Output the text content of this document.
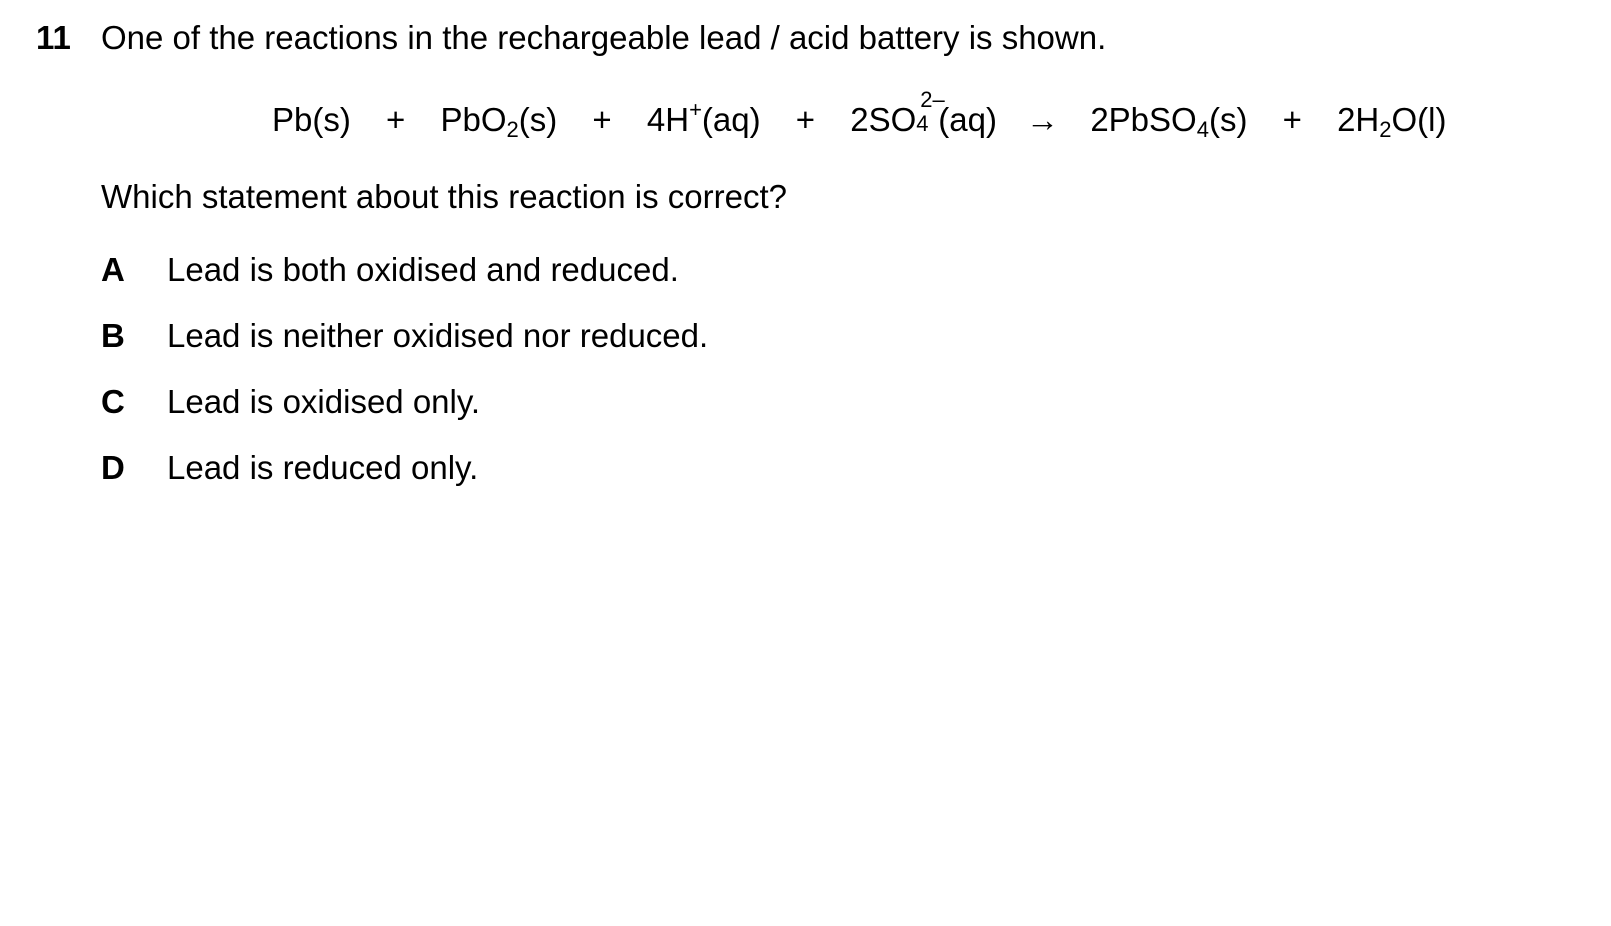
11 One of the reactions in the rechargeable lead / acid battery is shown.
Pb(s) + PbO$_2$(s) + 4H+(aq) + 2SO
2–
4 (aq) → 2PbSO$_4$(s) + $2H_2O(l)$
Which statement about this reaction is correct?
A Lead is both oxidised and reduced.
B Lead is neither oxidised nor reduced.
C Lead is oxidised only.
D Lead is reduced only.
